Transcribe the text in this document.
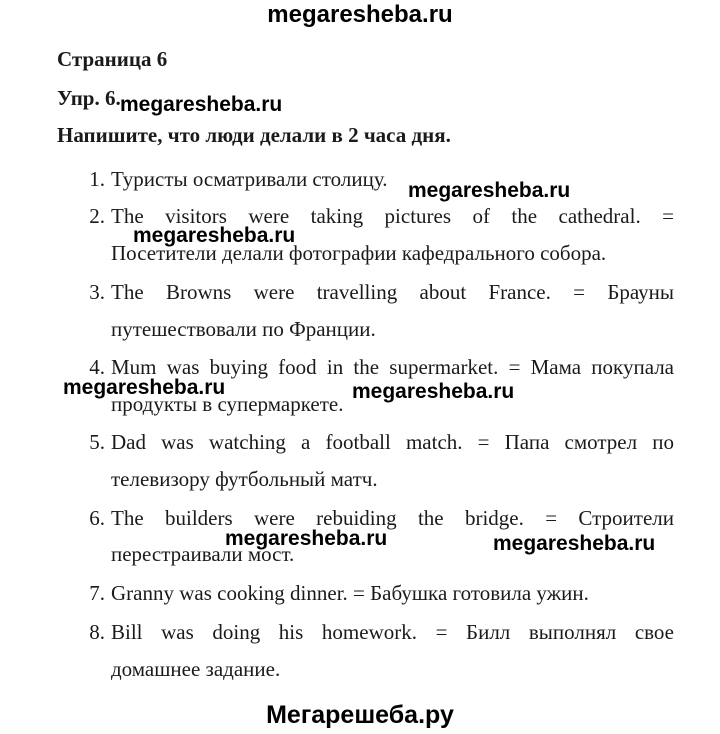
megaresheba.ru
Страница 6
Упр. 6. megaresheba.ru
Напишите, что люди делали в 2 часа дня.
1. Туристы осматривали столицу. megaresheba.ru
2. The visitors were taking pictures of the cathedral. =
megaresheba.ru
Посетители делали фотографии кафедрального собора.
3. The Browns were travelling about France. = Брауны
путешествовали по Франции.
4. Mum was buying food in the supermarket. = Мама покупала
megaresheba.ru	megaresheba.ru
продукты в супермаркете.
5. Dad was watching a football match. = Папа смотрел по
телевизору футбольный матч.
6. The builders were rebuiding the bridge. = Строители
megaresheba.ru	megaresheba.ru
перестраивали мост.
7. Granny was cooking dinner. = Бабушка готовила ужин.
8. Bill was doing his homework. = Билл выполнял свое
домашнее задание.
Мегарешеба.ру
